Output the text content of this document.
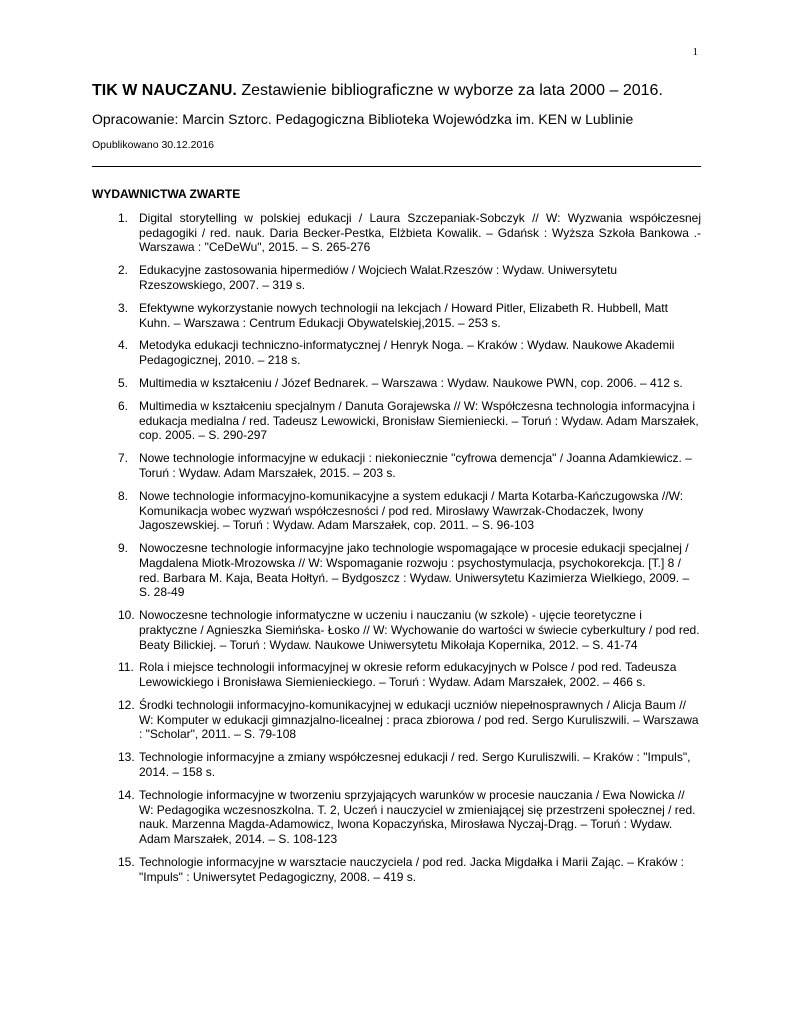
1

TIK W NAUCZANU. Zestawienie bibliograficzne w wyborze za lata 2000 – 2016.

Opracowanie: Marcin Sztorc. Pedagogiczna Biblioteka Wojewódzka im. KEN w Lublinie
Opublikowano 30.12.2016
WYDAWNICTWA ZWARTE
1. Digital storytelling w polskiej edukacji / Laura Szczepaniak-Sobczyk // W: Wyzwania współczesnej pedagogiki / red. nauk. Daria Becker-Pestka, Elżbieta Kowalik. – Gdańsk : Wyższa Szkoła Bankowa .-Warszawa : "CeDeWu", 2015. – S. 265-276
2. Edukacyjne zastosowania hipermediów / Wojciech Walat.Rzeszów : Wydaw. Uniwersytetu Rzeszowskiego, 2007. – 319 s.
3. Efektywne wykorzystanie nowych technologii na lekcjach / Howard Pitler, Elizabeth R. Hubbell, Matt Kuhn. – Warszawa : Centrum Edukacji Obywatelskiej,2015. – 253 s.
4. Metodyka edukacji techniczno-informatycznej / Henryk Noga. – Kraków : Wydaw. Naukowe Akademii Pedagogicznej, 2010. – 218 s.
5. Multimedia w kształceniu / Józef Bednarek. – Warszawa : Wydaw. Naukowe PWN, cop. 2006. – 412 s.
6. Multimedia w kształceniu specjalnym / Danuta Gorajewska // W: Współczesna technologia informacyjna i edukacja medialna / red. Tadeusz Lewowicki, Bronisław Siemieniecki. – Toruń : Wydaw. Adam Marszałek, cop. 2005. – S. 290-297
7. Nowe technologie informacyjne w edukacji : niekoniecznie "cyfrowa demencja" / Joanna Adamkiewicz. – Toruń : Wydaw. Adam Marszałek, 2015. – 203 s.
8. Nowe technologie informacyjno-komunikacyjne a system edukacji / Marta Kotarba-Kańczugowska //W: Komunikacja wobec wyzwań współczesności / pod red. Mirosławy Wawrzak-Chodaczek, Iwony Jagoszewskiej. – Toruń : Wydaw. Adam Marszałek, cop. 2011. – S. 96-103
9. Nowoczesne technologie informacyjne jako technologie wspomagające w procesie edukacji specjalnej / Magdalena Miotk-Mrozowska // W: Wspomaganie rozwoju : psychostymulacja, psychokorekcja. [T.] 8 / red. Barbara M. Kaja, Beata Hołtyń. – Bydgoszcz : Wydaw. Uniwersytetu Kazimierza Wielkiego, 2009. – S. 28-49
10. Nowoczesne technologie informatyczne w uczeniu i nauczaniu (w szkole) - ujęcie teoretyczne i praktyczne / Agnieszka Siemińska- Łosko // W: Wychowanie do wartości w świecie cyberkultury / pod red. Beaty Bilickiej. – Toruń : Wydaw. Naukowe Uniwersytetu Mikołaja Kopernika, 2012. – S. 41-74
11. Rola i miejsce technologii informacyjnej w okresie reform edukacyjnych w Polsce / pod red. Tadeusza Lewowickiego i Bronisława Siemienieckiego. – Toruń : Wydaw. Adam Marszałek, 2002. – 466 s.
12. Środki technologii informacyjno-komunikacyjnej w edukacji uczniów niepełnosprawnych / Alicja Baum // W: Komputer w edukacji gimnazjalno-licealnej : praca zbiorowa / pod red. Sergo Kuruliszwili. – Warszawa : "Scholar", 2011. – S. 79-108
13. Technologie informacyjne a zmiany współczesnej edukacji / red. Sergo Kuruliszwili. – Kraków : "Impuls", 2014. – 158 s.
14. Technologie informacyjne w tworzeniu sprzyjających warunków w procesie nauczania / Ewa Nowicka // W: Pedagogika wczesnoszkolna. T. 2, Uczeń i nauczyciel w zmieniającej się przestrzeni społecznej / red. nauk. Marzenna Magda-Adamowicz, Iwona Kopaczyńska, Mirosława Nyczaj-Drąg. – Toruń : Wydaw. Adam Marszałek, 2014. – S. 108-123
15. Technologie informacyjne w warsztacie nauczyciela / pod red. Jacka Migdałka i Marii Zając. – Kraków : "Impuls" : Uniwersytet Pedagogiczny, 2008. – 419 s.
